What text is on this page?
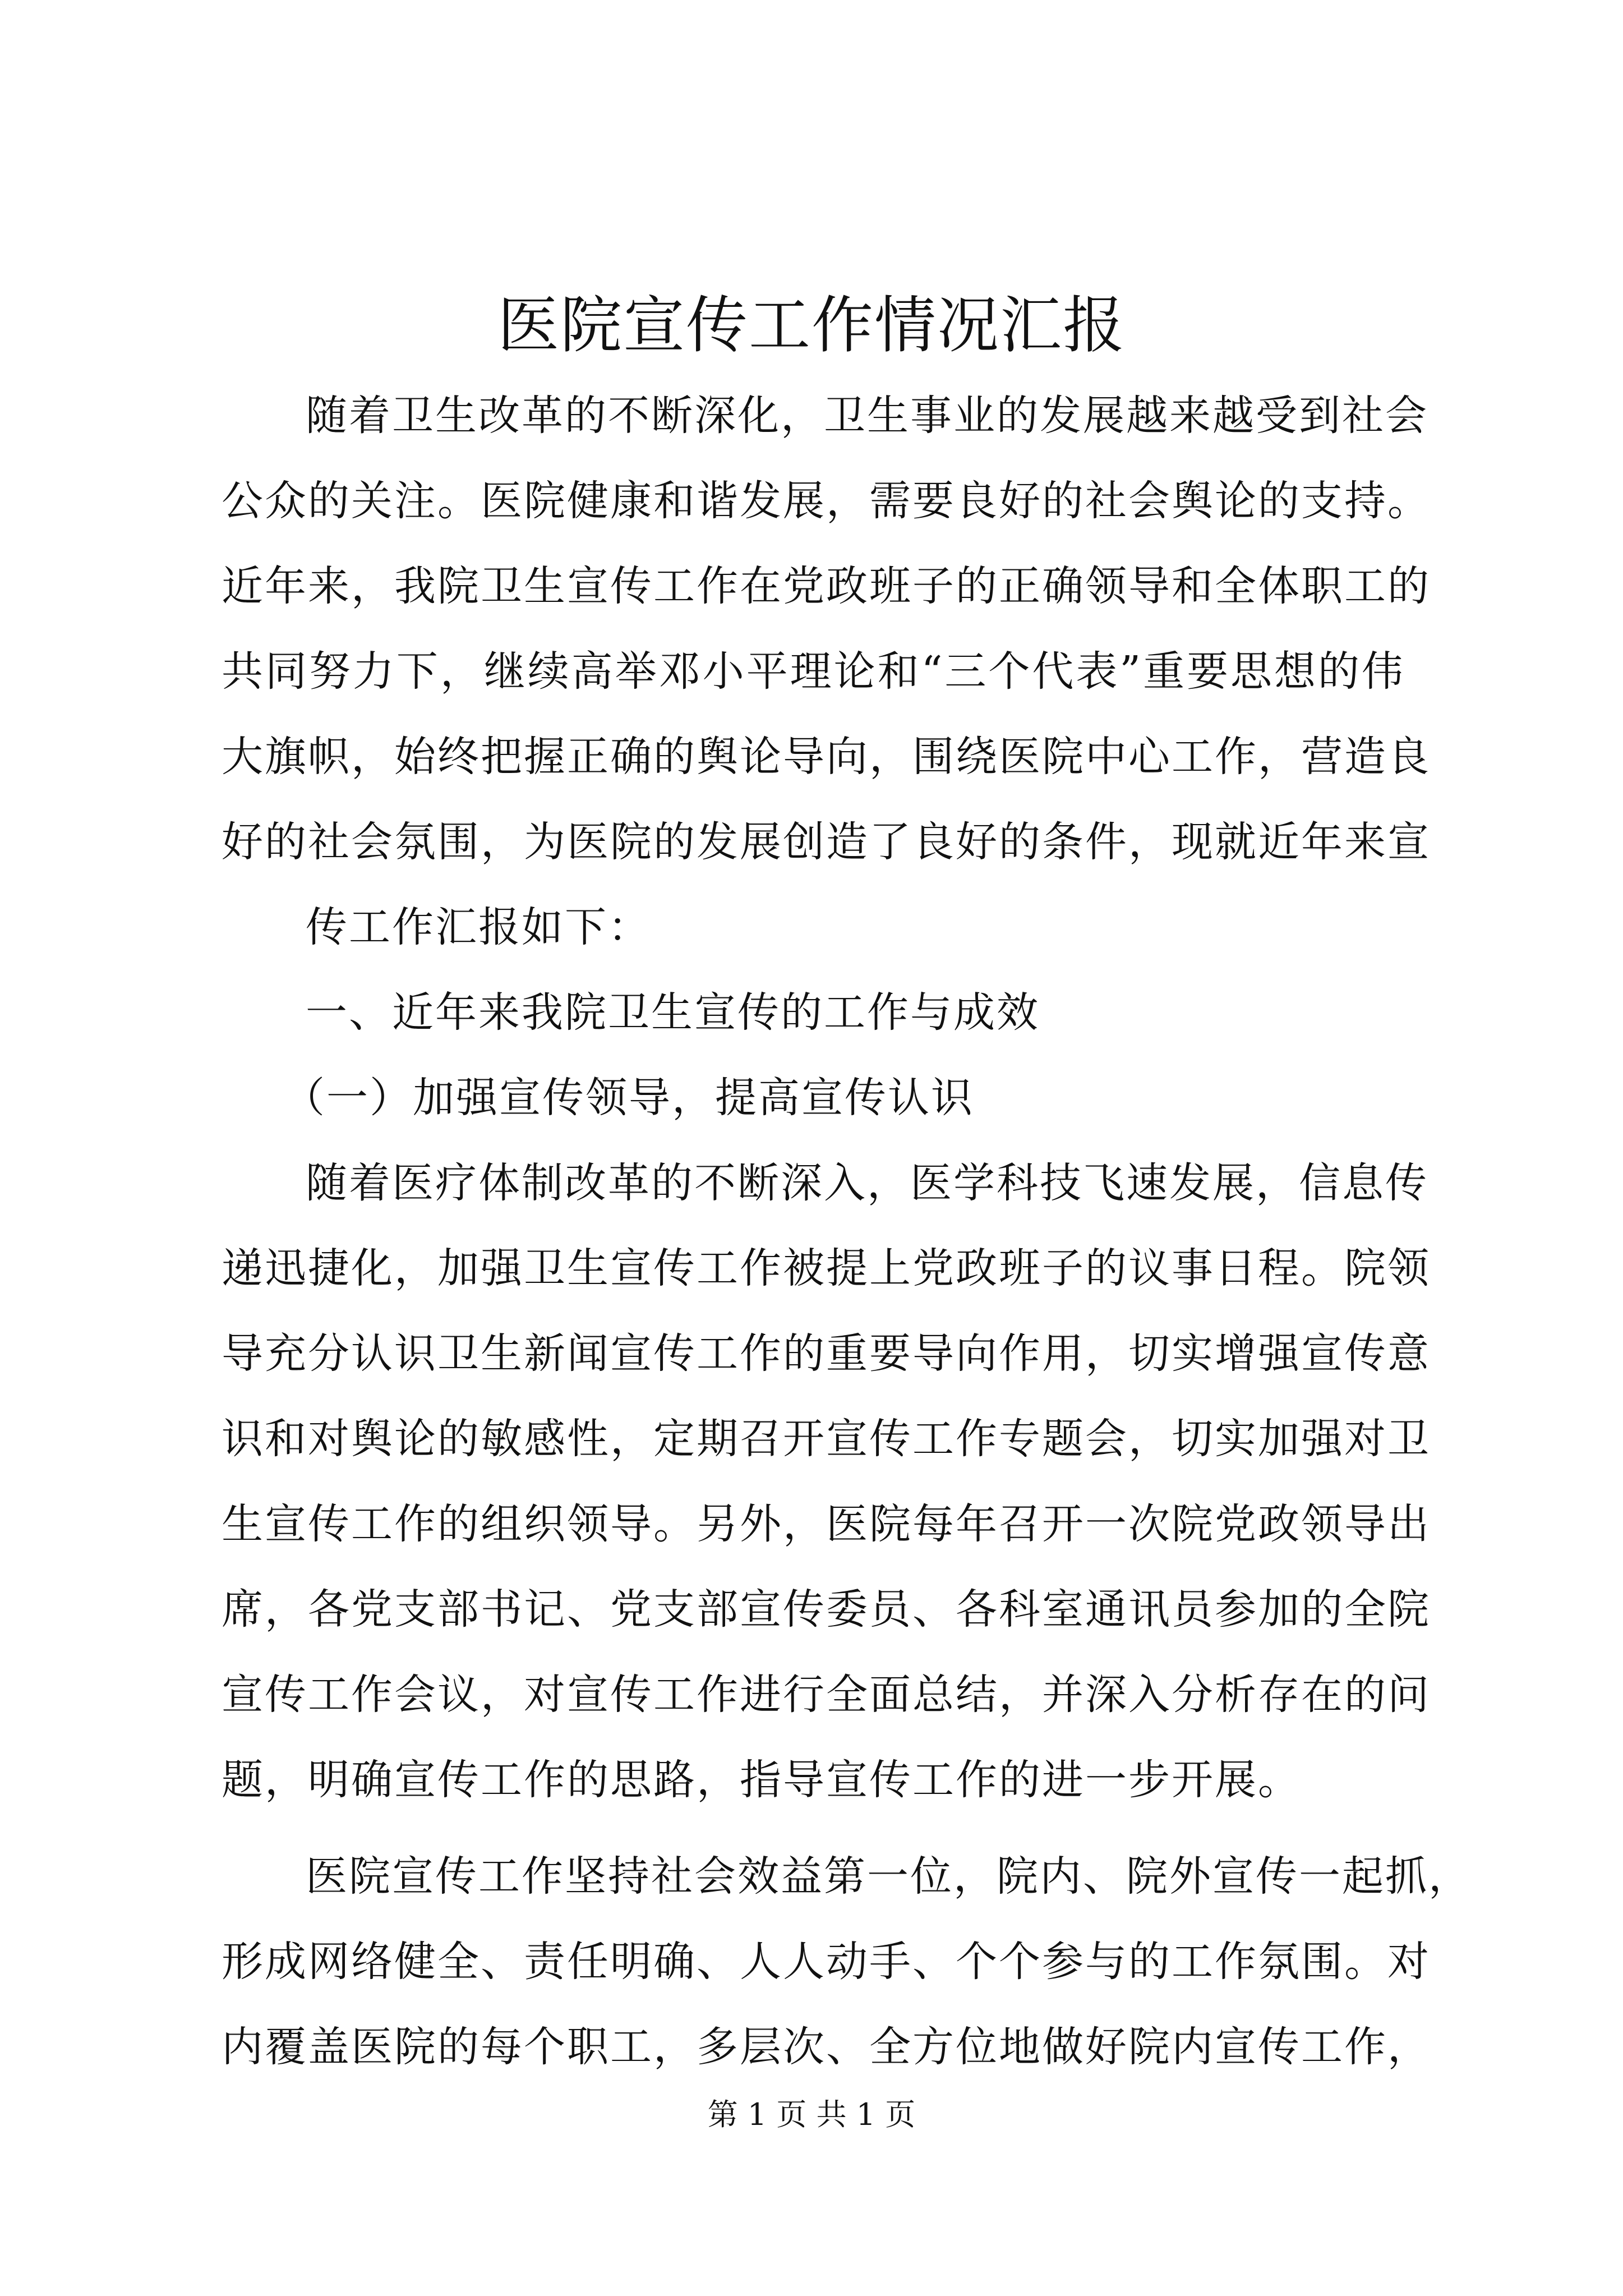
医院宣传工作情况汇报
随着卫生改革的不断深化，卫生事业的发展越来越受到社会
公众的关注。医院健康和谐发展，需要良好的社会舆论的支持。
近年来，我院卫生宣传工作在党政班子的正确领导和全体职工的
共同努力下，继续高举邓小平理论和“三个代表”重要思想的伟
大旗帜，始终把握正确的舆论导向，围绕医院中心工作，营造良
好的社会氛围，为医院的发展创造了良好的条件，现就近年来宣
传工作汇报如下：
一、近年来我院卫生宣传的工作与成效
（一）加强宣传领导，提高宣传认识
随着医疗体制改革的不断深入，医学科技飞速发展，信息传
递迅捷化，加强卫生宣传工作被提上党政班子的议事日程。院领
导充分认识卫生新闻宣传工作的重要导向作用，切实增强宣传意
识和对舆论的敏感性，定期召开宣传工作专题会，切实加强对卫
生宣传工作的组织领导。另外，医院每年召开一次院党政领导出
席，各党支部书记、党支部宣传委员、各科室通讯员参加的全院
宣传工作会议，对宣传工作进行全面总结，并深入分析存在的问
题，明确宣传工作的思路，指导宣传工作的进一步开展。
医院宣传工作坚持社会效益第一位，院内、院外宣传一起抓，
形成网络健全、责任明确、人人动手、个个参与的工作氛围。对
内覆盖医院的每个职工，多层次、全方位地做好院内宣传工作，

第 1 页 共 1 页
